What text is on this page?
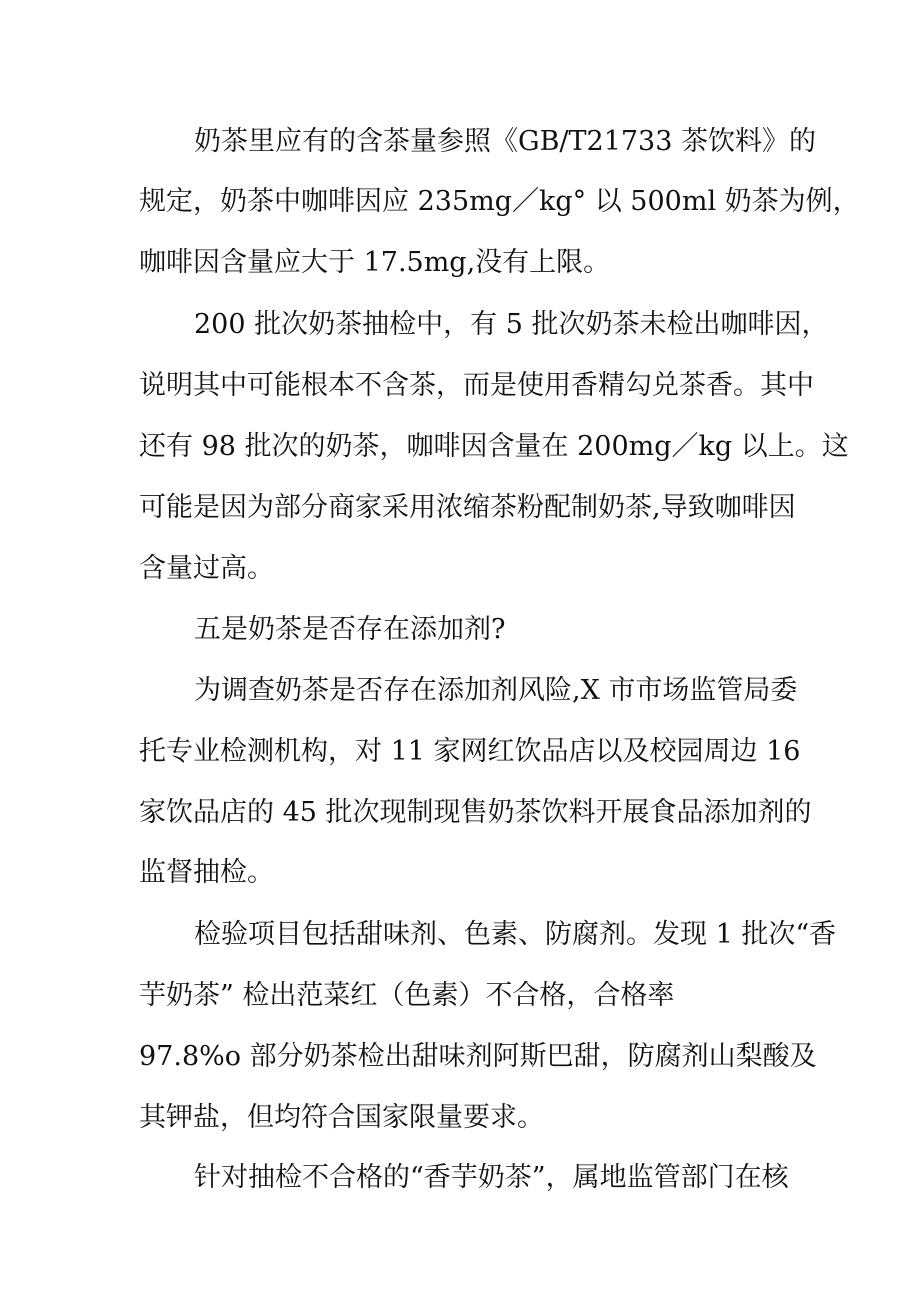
奶茶里应有的含茶量参照《GB/T21733 茶饮料》的
规定，奶茶中咖啡因应 235mg／kg° 以 500ml 奶茶为例，
咖啡因含量应大于 17.5mg,没有上限。
200 批次奶茶抽检中，有 5 批次奶茶未检出咖啡因，
说明其中可能根本不含茶，而是使用香精勾兑茶香。其中
还有 98 批次的奶茶，咖啡因含量在 200mg／kg 以上。这
可能是因为部分商家采用浓缩茶粉配制奶茶,导致咖啡因
含量过高。
五是奶茶是否存在添加剂?
为调查奶茶是否存在添加剂风险,X 市市场监管局委
托专业检测机构，对 11 家网红饮品店以及校园周边 16
家饮品店的 45 批次现制现售奶茶饮料开展食品添加剂的
监督抽检。
检验项目包括甜味剂、色素、防腐剂。发现 1 批次“香
芋奶茶” 检出范菜红（色素）不合格，合格率
97.8%o 部分奶茶检出甜味剂阿斯巴甜，防腐剂山梨酸及
其钾盐，但均符合国家限量要求。
针对抽检不合格的“香芋奶茶”，属地监管部门在核
